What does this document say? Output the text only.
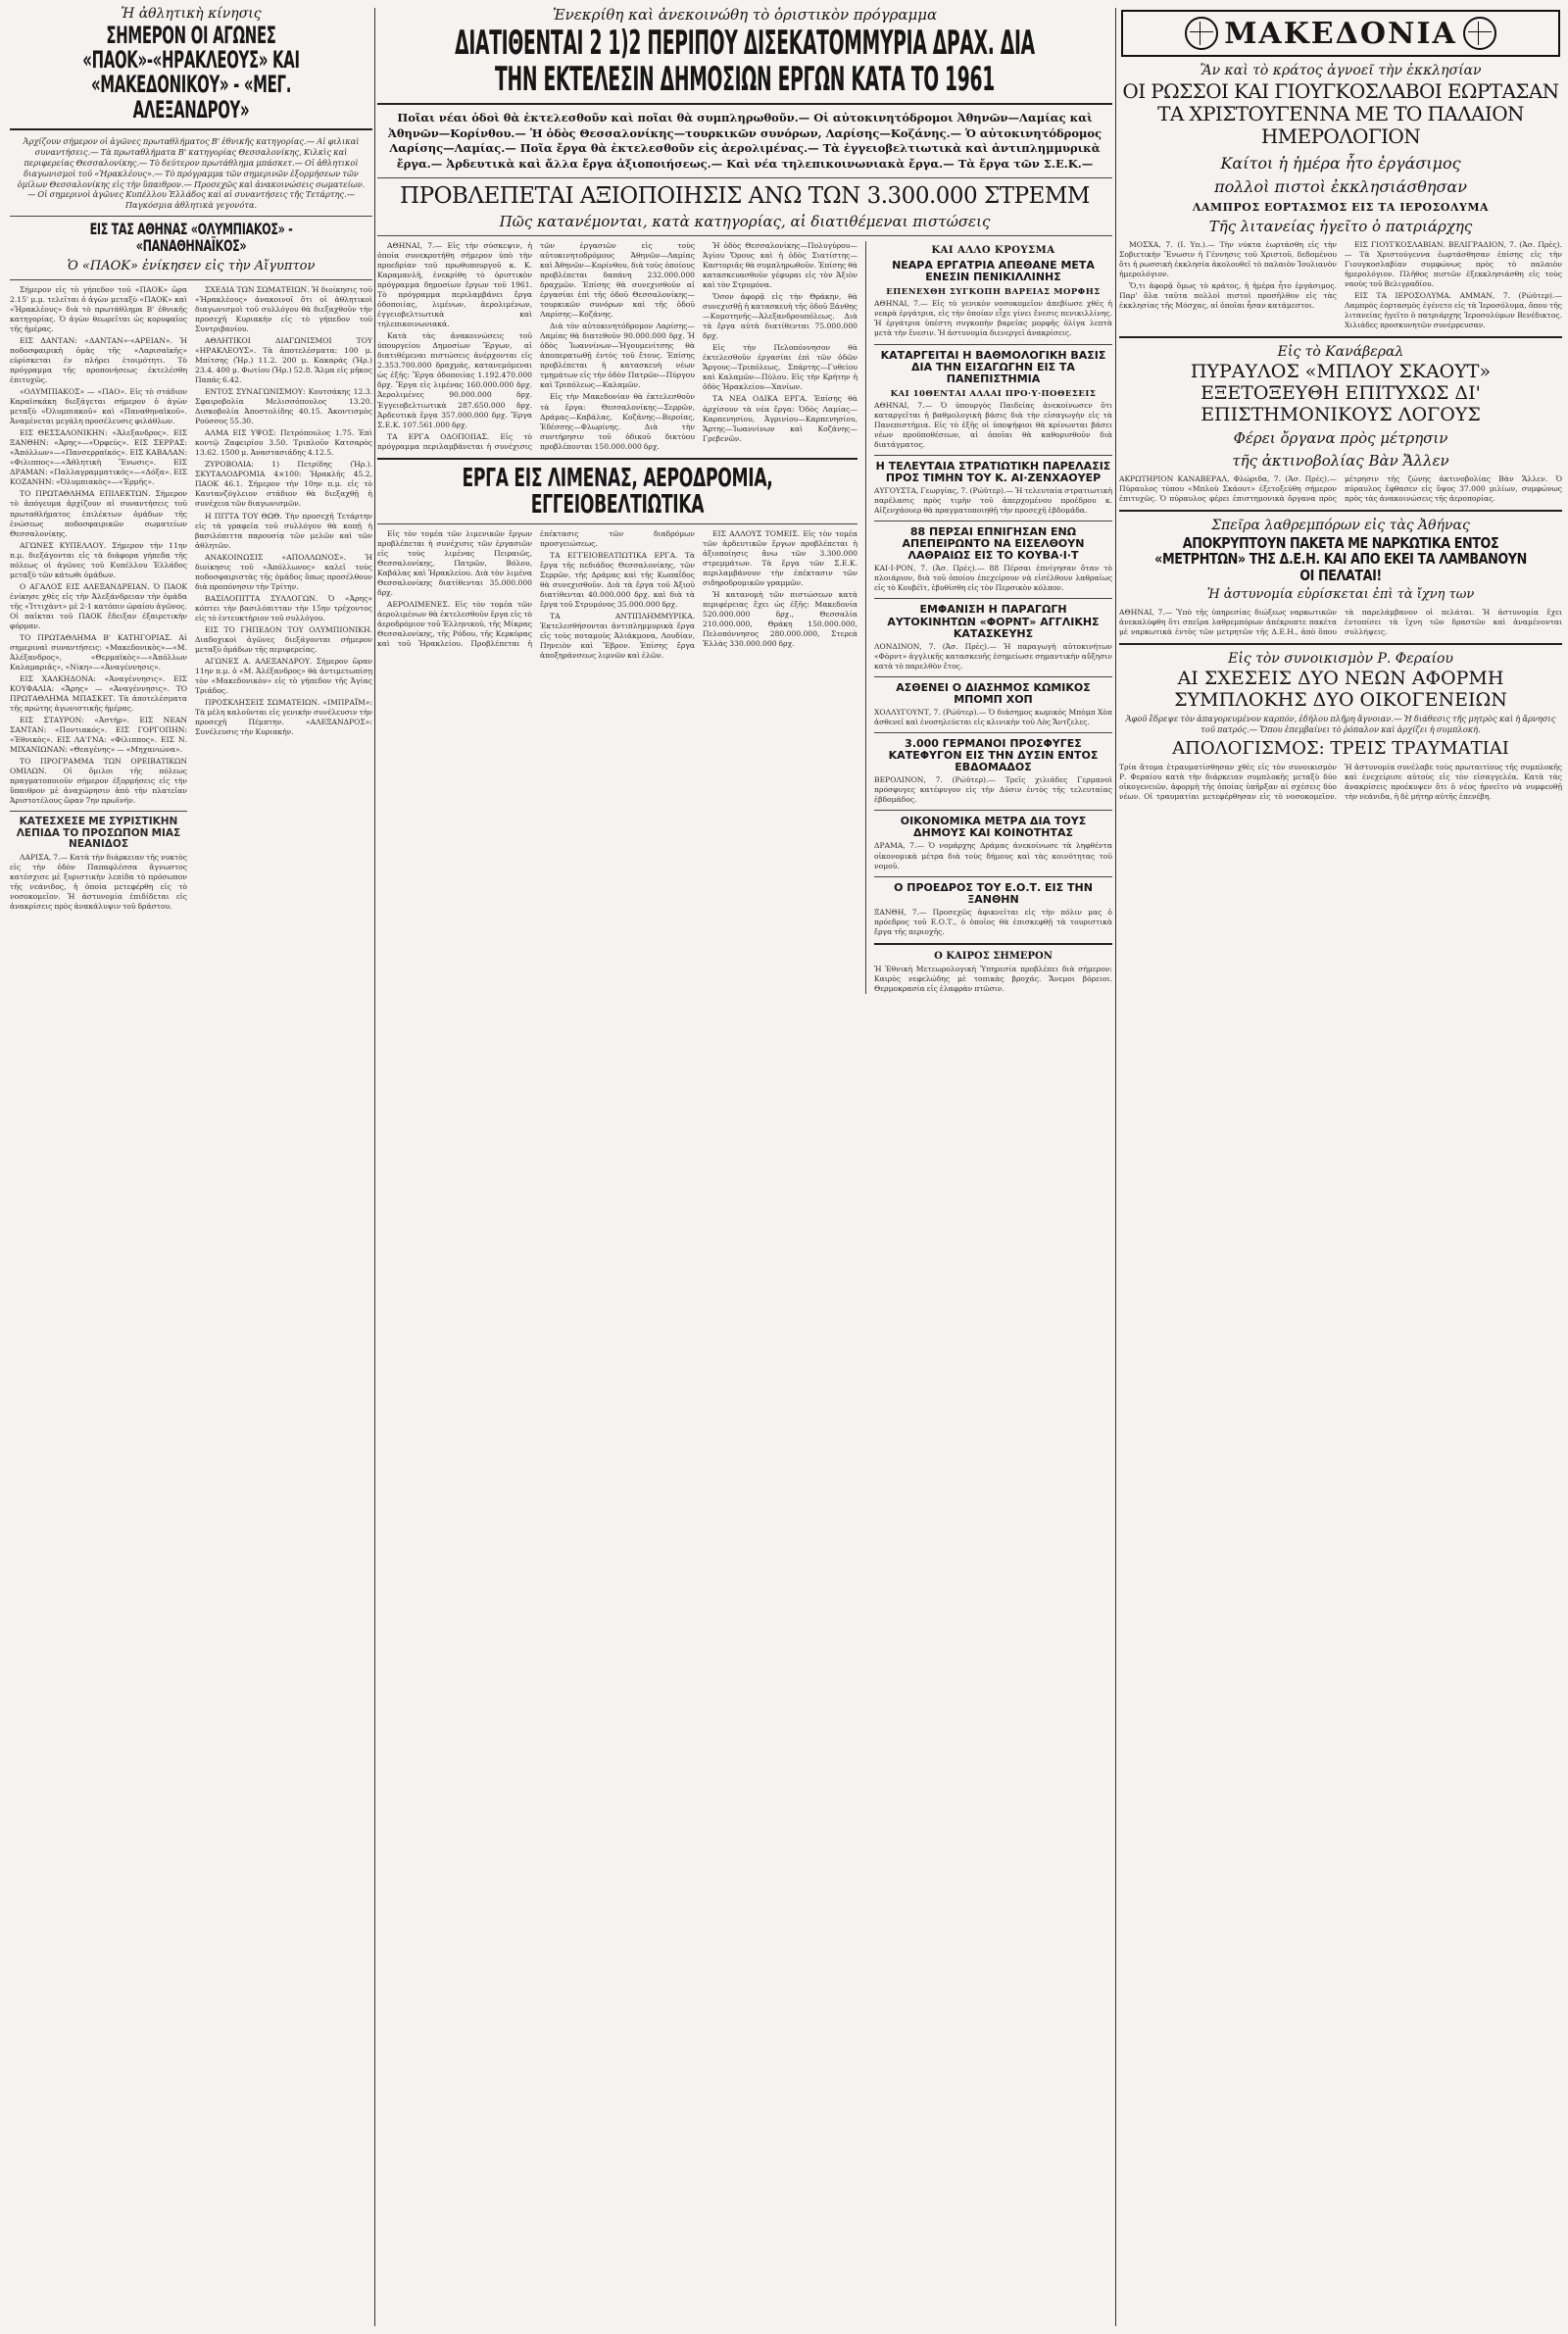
Ἡ ἀθλητικὴ κίνησις
ΣΗΜΕΡΟΝ ΟΙ ΑΓΩΝΕΣ «ΠΑΟΚ»-«ΗΡΑΚΛΕΟΥΣ» ΚΑΙ «ΜΑΚΕΔΟΝΙΚΟΥ» - «ΜΕΓ. ΑΛΕΞΑΝΔΡΟΥ»
Ἀρχίζουν σήμερον οἱ ἀγῶνες πρωταθλήματος Β' ἐθνικῆς κατηγορίας.— Αἱ φιλικαὶ συναντήσεις.— Τὰ πρωταθλήματα Β' κατηγορίας Θεσσαλονίκης, Κιλκὶς καὶ περιφερείας Θεσσαλονίκης.— Τὸ δεύτερον πρωτάθλημα μπάσκετ.— Οἱ ἀθλητικοὶ διαγωνισμοὶ τοῦ «Ἡρακλέους».— Τὸ πρόγραμμα τῶν σημερινῶν ἐξορμήσεων τῶν ὁμίλων Θεσσαλονίκης εἰς τὴν ὕπαιθρον.— Προσεχῶς καὶ ἀνακοινώσεις σωματείων.— Οἱ σημερινοὶ ἀγῶνες Κυπέλλου Ἑλλάδος καὶ αἱ συναντήσεις τῆς Τετάρτης.— Παγκόσμια ἀθλητικὰ γεγονότα.
ΕΙΣ ΤΑΣ ΑΘΗΝΑΣ «ΟΛΥΜΠΙΑΚΟΣ» - «ΠΑΝΑΘΗΝΑΪΚΟΣ»
Ὁ «ΠΑΟΚ» ἐνίκησεν εἰς τὴν Αἴγυπτον

Σήμερον εἰς τὸ γήπεδον τοῦ «ΠΑΟΚ» ὥρα 2.15' μ.μ. τελεῖται ὁ ἀγὼν μεταξὺ «ΠΑΟΚ» καὶ «Ἡρακλέους» διὰ τὸ πρωτάθλημα Β' ἐθνικῆς κατηγορίας. Ὁ ἀγὼν θεωρεῖται ὡς κορυφαῖος τῆς ἡμέρας.

ΕΙΣ ΔΑΝΤΑΝ: «ΔΑΝΤΑΝ»-«ΑΡΕΙΑΝ». Ἡ ποδοσφαιρικὴ ὁμὰς τῆς «Λαρισαϊκῆς» εὑρίσκεται ἐν πλήρει ἑτοιμότητι. Τὸ πρόγραμμα τῆς προπονήσεως ἐκτελέσθη ἐπιτυχῶς.

«ΟΛΥΜΠΙΑΚΟΣ» — «ΠΑΟ». Εἰς τὸ στάδιον Καραϊσκάκη διεξάγεται σήμερον ὁ ἀγὼν μεταξὺ «Ὀλυμπιακοῦ» καὶ «Παναθηναϊκοῦ». Ἀναμένεται μεγάλη προσέλευσις φιλάθλων.

ΕΙΣ ΘΕΣΣΑΛΟΝΙΚΗΝ: «Ἀλεξανδρος». ΕΙΣ ΞΑΝΘΗΝ: «Ἀρης»—«Ὀρφεύς». ΕΙΣ ΣΕΡΡΑΣ: «Ἀπόλλων»—«Πανσερραϊκός». ΕΙΣ ΚΑΒΑΛΑΝ: «Φιλιππος»—«Ἀθλητικὴ Ἕνωσις». ΕΙΣ ΔΡΑΜΑΝ: «Παλλαγραμματικός»—«Δόξα». ΕΙΣ ΚΟΖΑΝΗΝ: «Ὀλυμπιακὸς»—«Ἑρμῆς».

ΤΟ ΠΡΩΤΑΘΛΗΜΑ ΕΠΙΛΕΚΤΩΝ. Σήμερον τὸ ἀπόγευμα ἀρχίζουν αἱ συναντήσεις τοῦ πρωταθλήματος ἐπιλέκτων ὁμάδων τῆς ἑνώσεως ποδοσφαιρικῶν σωματείων Θεσσαλονίκης.

ΑΓΩΝΕΣ ΚΥΠΕΛΛΟΥ. Σήμερον τὴν 11ην π.μ. διεξάγονται εἰς τὰ διάφορα γήπεδα τῆς πόλεως οἱ ἀγῶνες τοῦ Κυπέλλου Ἑλλάδος μεταξὺ τῶν κάτωθι ὁμάδων.

Ο ΑΓΑΛΟΣ ΕΙΣ ΑΛΕΞΑΝΔΡΕΙΑΝ. Ὁ ΠΑΟΚ ἐνίκησε χθὲς εἰς τὴν Ἀλεξάνδρειαν τὴν ὁμάδα τῆς «Ἰττιχὰντ» μὲ 2-1 κατόπιν ὡραίου ἀγῶνος. Οἱ παῖκται τοῦ ΠΑΟΚ ἔδειξαν ἐξαιρετικὴν φόρμαν.

ΤΟ ΠΡΩΤΑΘΛΗΜΑ Β' ΚΑΤΗΓΟΡΙΑΣ. Αἱ σημεριναὶ συναντήσεις: «Μακεδονικὸς»—«Μ. Ἀλέξανδρος», «Θερμαϊκὸς»—«Ἀπόλλων Καλαμαριᾶς», «Νίκη»—«Ἀναγέννησις».

ΕΙΣ ΧΑΛΚΗΔΟΝΑ: «Ἀναγέννησις». ΕΙΣ ΚΟΥΦΑΛΙΑ: «Ἄρης» — «Ἀναγέννησις». ΤΟ ΠΡΩΤΑΘΛΗΜΑ ΜΠΑΣΚΕΤ. Τὰ ἀποτελέσματα τῆς πρώτης ἀγωνιστικῆς ἡμέρας.

ΕΙΣ ΣΤΑΥΡΟΝ: «Ἀστήρ». ΕΙΣ ΝΕΑΝ ΣΑΝΤΑΝ: «Ποντιακός». ΕΙΣ ΓΟΡΓΟΠΗΝ: «Ἐθνικὸς». ΕΙΣ ΛΑ'Ι'ΝΑ: «Φίλιππος». ΕΙΣ Ν. ΜΙΧΑΝΙΩΝΑΝ: «Θεαγένης» — «Μηχανιώνα».

ΤΟ ΠΡΟΓΡΑΜΜΑ ΤΩΝ ΟΡΕΙΒΑΤΙΚΩΝ ΟΜΙΛΩΝ. Οἱ ὅμιλοι τῆς πόλεως πραγματοποιοῦν σήμερον ἐξορμήσεις εἰς τὴν ὕπαιθρον μὲ ἀναχώρησιν ἀπὸ τὴν πλατεῖαν Ἀριστοτέλους ὥραν 7ην πρωϊνήν.

ΚΑΤΕΣΧΕΣΕ ΜΕ ΣΥΡΙΣΤΙΚΗΝ ΛΕΠΙΔΑ ΤΟ ΠΡΟΣΩΠΟΝ ΜΙΑΣ ΝΕΑΝΙΔΟΣ

ΛΑΡΙΣΑ, 7.— Κατὰ τὴν διάρκειαν τῆς νυκτὸς εἰς τὴν ὁδὸν Παπαφλέσσα ἄγνωστος κατέσχισε μὲ ξυριστικὴν λεπίδα τὸ πρόσωπον τῆς νεάνιδος, ἡ ὁποία μετεφέρθη εἰς τὸ νοσοκομεῖον. Ἡ ἀστυνομία ἐπιδίδεται εἰς ἀνακρίσεις πρὸς ἀνακάλυψιν τοῦ δράστου.

ΣΧΕΔΙΑ ΤΩΝ ΣΩΜΑΤΕΙΩΝ. Ἡ διοίκησις τοῦ «Ἡρακλέους» ἀνακοινοῖ ὅτι οἱ ἀθλητικοὶ διαγωνισμοὶ τοῦ συλλόγου θὰ διεξαχθοῦν τὴν προσεχῆ Κυριακὴν εἰς τὸ γήπεδον τοῦ Συντριβανίου.

ΑΘΛΗΤΙΚΟΙ ΔΙΑΓΩΝΙΣΜΟΙ ΤΟΥ «ΗΡΑΚΛΕΟΥΣ». Τὰ ἀποτελέσματα: 100 μ. Μπίτσης (Ἡρ.) 11.2. 200 μ. Κακαράς (Ἡρ.) 23.4. 400 μ. Φωτίου (Ἡρ.) 52.8. Ἅλμα εἰς μῆκος Παπάς 6.42.

ΕΝΤΟΣ ΣΥΝΑΓΩΝΙΣΜΟΥ: Κουτσάκης 12.3. Σφαιροβολία Μελισσόπουλος 13.20. Δισκοβολία Ἀποστολίδης 40.15. Ἀκοντισμὸς Ρούσσος 55.30.

ΑΛΜΑ ΕΙΣ ΥΨΟΣ: Πετρόπουλος 1.75. Ἐπὶ κοντῷ Ζαφειρίου 3.50. Τριπλοῦν Κατσαρὸς 13.62. 1500 μ. Ἀναστασιάδης 4.12.5.

ΖΥΡΟΒΟΛΙΑ: 1) Πετρίδης (Ἡρ.). ΣΚΥΤΑΛΟΔΡΟΜΙΑ 4×100: Ἡρακλῆς 45.2, ΠΑΟΚ 46.1. Σήμερον τὴν 10ην π.μ. εἰς τὸ Καυτανζόγλειον στάδιον θὰ διεξαχθῇ ἡ συνέχεια τῶν διαγωνισμῶν.

Η ΠΙΤΤΑ ΤΟΥ ΘΩΘ. Τὴν προσεχῆ Τετάρτην εἰς τὰ γραφεῖα τοῦ συλλόγου θὰ κοπῇ ἡ βασιλόπιττα παρουσίᾳ τῶν μελῶν καὶ τῶν ἀθλητῶν.

ΑΝΑΚΟΙΝΩΣΙΣ «ΑΠΟΛΛΩΝΟΣ». Ἡ διοίκησις τοῦ «Ἀπόλλωνος» καλεῖ τοὺς ποδοσφαιριστὰς τῆς ὁμάδος ὅπως προσέλθουν διὰ προπόνησιν τὴν Τρίτην.

ΒΑΣΙΛΟΠΙΤΤΑ ΣΥΛΛΟΓΩΝ. Ὁ «Ἀρης» κόπτει τὴν βασιλόπιτταν τὴν 15ην τρέχοντος εἰς τὸ ἐντευκτήριον τοῦ συλλόγου.

ΕΙΣ ΤΟ ΓΗΠΕΔΟΝ ΤΟΥ ΟΛΥΜΠΙΟΝΙΚΗ. Διαδοχικοὶ ἀγῶνες διεξάγονται σήμερον μεταξὺ ὁμάδων τῆς περιφερείας.

ΑΓΩΝΕΣ Α. ΑΛΕΞΑΝΔΡΟΥ. Σήμερον ὥραν 11ην π.μ. ὁ «Μ. Ἀλέξανδρος» θὰ ἀντιμετωπίσῃ τὸν «Μακεδονικὸν» εἰς τὸ γήπεδον τῆς Ἀγίας Τριάδος.

ΠΡΟΣΚΛΗΣΕΙΣ ΣΩΜΑΤΕΙΩΝ. «ΙΜΠΡΑΪΜ»: Τὰ μέλη καλοῦνται εἰς γενικὴν συνέλευσιν τὴν προσεχῆ Πέμπτην. «ΑΛΕΞΑΝΔΡΟΣ»: Συνέλευσις τὴν Κυριακήν.

Ἐνεκρίθη καὶ ἀνεκοινώθη τὸ ὁριστικὸν πρόγραμμα
ΔΙΑΤΙΘΕΝΤΑΙ 2 1)2 ΠΕΡΙΠΟΥ ΔΙΣΕΚΑΤΟΜΜΥΡΙΑ ΔΡΑΧ. ΔΙΑ ΤΗΝ ΕΚΤΕΛΕΣΙΝ ΔΗΜΟΣΙΩΝ ΕΡΓΩΝ ΚΑΤΑ ΤΟ 1961
Ποῖαι νέαι ὁδοὶ θὰ ἐκτελεσθοῦν καὶ ποῖαι θὰ συμπληρωθοῦν.— Οἱ αὐτοκινητόδρομοι Ἀθηνῶν—Λαμίας καὶ Ἀθηνῶν—Κορίνθου.— Ἡ ὁδὸς Θεσσαλονίκης—τουρκικῶν συνόρων, Λαρίσης—Κοζάνης.— Ὁ αὐτοκινητόδρομος Λαρίσης—Λαμίας.— Ποῖα ἔργα θὰ ἐκτελεσθοῦν εἰς ἀερολιμένας.— Τὰ ἐγγειοβελτιωτικὰ καὶ ἀντιπλημμυρικὰ ἔργα.— Ἀρδευτικὰ καὶ ἄλλα ἔργα ἀξιοποιήσεως.— Καὶ νέα τηλεπικοινωνιακὰ ἔργα.— Τὰ ἔργα τῶν Σ.Ε.Κ.—
ΠΡΟΒΛΕΠΕΤΑΙ ΑΞΙΟΠΟΙΗΣΙΣ ΑΝΩ ΤΩΝ 3.300.000 ΣΤΡΕΜΜ
Πῶς κατανέμονται, κατὰ κατηγορίας, αἱ διατιθέμεναι πιστώσεις

ΑΘΗΝΑΙ, 7.— Εἰς τὴν σύσκεψιν, ἡ ὁποία συνεκροτήθη σήμερον ὑπὸ τὴν προεδρίαν τοῦ πρωθυπουργοῦ κ. Κ. Καραμανλῆ, ἐνεκρίθη τὸ ὁριστικὸν πρόγραμμα δημοσίων ἔργων τοῦ 1961. Τὸ πρόγραμμα περιλαμβάνει ἔργα ὁδοποιίας, λιμένων, ἀερολιμένων, ἐγγειοβελτιωτικὰ καὶ τηλεπικοινωνιακά.

Κατὰ τὰς ἀνακοινώσεις τοῦ ὑπουργείου Δημοσίων Ἔργων, αἱ διατιθέμεναι πιστώσεις ἀνέρχονται εἰς 2.353.700.000 δραχμάς, κατανεμόμεναι ὡς ἑξῆς: Ἔργα ὁδοποιίας 1.192.470.000 δρχ. Ἔργα εἰς λιμένας 160.000.000 δρχ. Ἀερολιμένες 90.000.000 δρχ. Ἐγγειοβελτιωτικὰ 287.650.000 δρχ. Ἀρδευτικὰ ἔργα 357.000.000 δρχ. Ἔργα Σ.Ε.Κ. 107.561.000 δρχ.

ΤΑ ΕΡΓΑ ΟΔΟΠΟΙΙΑΣ. Εἰς τὸ πρόγραμμα περιλαμβάνεται ἡ συνέχισις τῶν ἐργασιῶν εἰς τοὺς αὐτοκινητοδρόμους Ἀθηνῶν—Λαμίας καὶ Ἀθηνῶν—Κορίνθου, διὰ τοὺς ὁποίους προβλέπεται δαπάνη 232.000.000 δραχμῶν. Ἐπίσης θὰ συνεχισθοῦν αἱ ἐργασίαι ἐπὶ τῆς ὁδοῦ Θεσσαλονίκης—τουρκικῶν συνόρων καὶ τῆς ὁδοῦ Λαρίσης—Κοζάνης.

Διὰ τὸν αὐτοκινητόδρομον Λαρίσης—Λαμίας θὰ διατεθοῦν 90.000.000 δρχ. Ἡ ὁδὸς Ἰωαννίνων—Ἠγουμενίτσης θὰ ἀποπερατωθῇ ἐντὸς τοῦ ἔτους. Ἐπίσης προβλέπεται ἡ κατασκευὴ νέων τμημάτων εἰς τὴν ὁδὸν Πατρῶν—Πύργου καὶ Τριπόλεως—Καλαμῶν.

Εἰς τὴν Μακεδονίαν θὰ ἐκτελεσθοῦν τὰ ἔργα: Θεσσαλονίκης—Σερρῶν, Δράμας—Καβάλας, Κοζάνης—Βεροίας, Ἐδέσσης—Φλωρίνης. Διὰ τὴν συντήρησιν τοῦ ὁδικοῦ δικτύου προβλέπονται 150.000.000 δρχ.

Ἡ ὁδὸς Θεσσαλονίκης—Πολυγύρου—Ἁγίου Ὄρους καὶ ἡ ὁδὸς Σιατίστης—Καστοριᾶς θὰ συμπληρωθοῦν. Ἐπίσης θὰ κατασκευασθοῦν γέφυραι εἰς τὸν Ἀξιὸν καὶ τὸν Στρυμόνα.

Ὅσον ἀφορᾷ εἰς τὴν Θράκην, θὰ συνεχισθῇ ἡ κατασκευὴ τῆς ὁδοῦ Ξάνθης—Κομοτηνῆς—Ἀλεξανδρουπόλεως. Διὰ τὰ ἔργα αὐτὰ διατίθενται 75.000.000 δρχ.

Εἰς τὴν Πελοπόννησον θὰ ἐκτελεσθοῦν ἐργασίαι ἐπὶ τῶν ὁδῶν Ἄργους—Τριπόλεως, Σπάρτης—Γυθείου καὶ Καλαμῶν—Πύλου. Εἰς τὴν Κρήτην ἡ ὁδὸς Ἡρακλείου—Χανίων.

ΤΑ ΝΕΑ ΟΔΙΚΑ ΕΡΓΑ. Ἐπίσης θὰ ἀρχίσουν τὰ νέα ἔργα: Ὁδὸς Λαμίας—Καρπενησίου, Ἀγρινίου—Καρπενησίου, Ἄρτης—Ἰωαννίνων καὶ Κοζάνης—Γρεβενῶν.

ΕΡΓΑ ΕΙΣ ΛΙΜΕΝΑΣ, ΑΕΡΟΔΡΟΜΙΑ, ΕΓΓΕΙΟΒΕΛΤΙΩΤΙΚΑ

Εἰς τὸν τομέα τῶν λιμενικῶν ἔργων προβλέπεται ἡ συνέχισις τῶν ἐργασιῶν εἰς τοὺς λιμένας Πειραιῶς, Θεσσαλονίκης, Πατρῶν, Βόλου, Καβάλας καὶ Ἡρακλείου. Διὰ τὸν λιμένα Θεσσαλονίκης διατίθενται 35.000.000 δρχ.

ΑΕΡΟΛΙΜΕΝΕΣ. Εἰς τὸν τομέα τῶν ἀερολιμένων θὰ ἐκτελεσθοῦν ἔργα εἰς τὸ ἀεροδρόμιον τοῦ Ἑλληνικοῦ, τῆς Μίκρας Θεσσαλονίκης, τῆς Ρόδου, τῆς Κερκύρας καὶ τοῦ Ἡρακλείου. Προβλέπεται ἡ ἐπέκτασις τῶν διαδρόμων προσγειώσεως.

ΤΑ ΕΓΓΕΙΟΒΕΛΤΙΩΤΙΚΑ ΕΡΓΑ. Τὰ ἔργα τῆς πεδιάδος Θεσσαλονίκης, τῶν Σερρῶν, τῆς Δράμας καὶ τῆς Κωπαΐδος θὰ συνεχισθοῦν. Διὰ τὰ ἔργα τοῦ Ἀξιοῦ διατίθενται 40.000.000 δρχ. καὶ διὰ τὰ ἔργα τοῦ Στρυμόνος 35.000.000 δρχ.

ΤΑ ΑΝΤΙΠΛΗΜΜΥΡΙΚΑ. Ἐκτελεσθήσονται ἀντιπλημμυρικὰ ἔργα εἰς τοὺς ποταμοὺς Ἀλιάκμονα, Λουδίαν, Πηνειὸν καὶ Ἕβρον. Ἐπίσης ἔργα ἀποξηράνσεως λιμνῶν καὶ ἑλῶν.

ΕΙΣ ΑΛΛΟΥΣ ΤΟΜΕΙΣ. Εἰς τὸν τομέα τῶν ἀρδευτικῶν ἔργων προβλέπεται ἡ ἀξιοποίησις ἄνω τῶν 3.300.000 στρεμμάτων. Τὰ ἔργα τῶν Σ.Ε.Κ. περιλαμβάνουν τὴν ἐπέκτασιν τῶν σιδηροδρομικῶν γραμμῶν.

Ἡ κατανομὴ τῶν πιστώσεων κατὰ περιφέρειας ἔχει ὡς ἑξῆς: Μακεδονία 520.000.000 δρχ., Θεσσαλία 210.000.000, Θράκη 150.000.000, Πελοπόννησος 280.000.000, Στερεὰ Ἑλλὰς 330.000.000 δρχ.

ΚΑΙ ΑΛΛΟ ΚΡΟΥΣΜΑ
ΝΕΑΡΑ ΕΡΓΑΤΡΙΑ ΑΠΕΘΑΝΕ ΜΕΤΑ ΕΝΕΣΙΝ ΠΕΝΙΚΙΛΛΙΝΗΣ
ΕΠΕΝΕΧΘΗ ΣΥΓΚΟΠΗ ΒΑΡΕΙΑΣ ΜΟΡΦΗΣ
ΑΘΗΝΑΙ, 7.— Εἰς τὸ γενικὸν νοσοκομεῖον ἀπεβίωσε χθὲς ἡ νεαρὰ ἐργάτρια, εἰς τὴν ὁποίαν εἶχε γίνει ἔνεσις πενικιλλίνης. Ἡ ἐργάτρια ὑπέστη συγκοπὴν βαρείας μορφῆς ὀλίγα λεπτὰ μετὰ τὴν ἔνεσιν. Ἡ ἀστυνομία διενεργεῖ ἀνακρίσεις.
ΚΑΤΑΡΓΕΙΤΑΙ Η ΒΑΘΜΟΛΟΓΙΚΗ ΒΑΣΙΣ ΔΙΑ ΤΗΝ ΕΙΣΑΓΩΓΗΝ ΕΙΣ ΤΑ ΠΑΝΕΠΙΣΤΗΜΙΑ
ΚΑΙ 10ΘΕΝΤΑΙ ΑΛΛΑΙ ΠΡΟ·Υ·ΠΟΘΕΣΕΙΣ
ΑΘΗΝΑΙ, 7.— Ὁ ὑπουργὸς Παιδείας ἀνεκοίνωσεν ὅτι καταργεῖται ἡ βαθμολογικὴ βάσις διὰ τὴν εἰσαγωγὴν εἰς τὰ Πανεπιστήμια. Εἰς τὸ ἑξῆς οἱ ὑποψήφιοι θὰ κρίνωνται βάσει νέων προϋποθέσεων, αἱ ὁποῖαι θὰ καθορισθοῦν διὰ διατάγματος.
Η ΤΕΛΕΥΤΑΙΑ ΣΤΡΑΤΙΩΤΙΚΗ ΠΑΡΕΛΑΣΙΣ ΠΡΟΣ ΤΙΜΗΝ ΤΟΥ Κ. ΑΙ·ΖΕΝΧΑΟΥΕΡ
ΑΥΓΟΥΣΤΑ, Γεωργίας, 7. (Ρώϋτερ).— Ἡ τελευταία στρατιωτικὴ παρέλασις πρὸς τιμὴν τοῦ ἀπερχομένου προέδρου κ. Αἰζενχάουερ θὰ πραγματοποιηθῇ τὴν προσεχῆ ἑβδομάδα.
88 ΠΕΡΣΑΙ ΕΠΝΙΓΗΣΑΝ ΕΝΩ ΑΠΕΠΕΙΡΩΝΤΟ ΝΑ ΕΙΣΕΛΘΟΥΝ ΛΑΘΡΑΙΩΣ ΕΙΣ ΤΟ ΚΟΥΒΑ·Ι·Τ
ΚΑΙ·Ι·ΡΟΝ, 7. (Ἀσ. Πρὲς).— 88 Πέρσαι ἐπνίγησαν ὅταν τὸ πλοιάριον, διὰ τοῦ ὁποίου ἐπεχείρουν νὰ εἰσέλθουν λαθραίως εἰς τὸ Κουβέϊτ, ἐβυθίσθη εἰς τὸν Περσικὸν κόλπον.
ΕΜΦΑΝΙΣΗ Η ΠΑΡΑΓΩΓΗ ΑΥΤΟΚΙΝΗΤΩΝ «ΦΟΡΝΤ» ΑΓΓΛΙΚΗΣ ΚΑΤΑΣΚΕΥΗΣ
ΛΟΝΔΙΝΟΝ, 7. (Ἀσ. Πρὲς).— Ἡ παραγωγὴ αὐτοκινήτων «Φὸρντ» ἀγγλικῆς κατασκευῆς ἐσημείωσε σημαντικὴν αὔξησιν κατὰ τὸ παρελθὸν ἔτος.
ΑΣΘΕΝΕΙ Ο ΔΙΑΣΗΜΟΣ ΚΩΜΙΚΟΣ ΜΠΟΜΠ ΧΟΠ
ΧΟΛΛΥΓΟΥΝΤ, 7. (Ρώϋτερ).— Ὁ διάσημος κωμικὸς Μπὸμπ Χὸπ ἀσθενεῖ καὶ ἐνοσηλεύεται εἰς κλινικὴν τοῦ Λὸς Ἄντζελες.
3.000 ΓΕΡΜΑΝΟΙ ΠΡΟΣΦΥΓΕΣ ΚΑΤΕΦΥΓΟΝ ΕΙΣ ΤΗΝ ΔΥΣΙΝ ΕΝΤΟΣ ΕΒΔΟΜΑΔΟΣ
ΒΕΡΟΛΙΝΟΝ, 7. (Ρώϋτερ).— Τρεῖς χιλιάδες Γερμανοὶ πρόσφυγες κατέφυγον εἰς τὴν Δύσιν ἐντὸς τῆς τελευταίας ἑβδομάδος.
ΟΙΚΟΝΟΜΙΚΑ ΜΕΤΡΑ ΔΙΑ ΤΟΥΣ ΔΗΜΟΥΣ ΚΑΙ ΚΟΙΝΟΤΗΤΑΣ
ΔΡΑΜΑ, 7.— Ὁ νομάρχης Δράμας ἀνεκοίνωσε τὰ ληφθέντα οἰκονομικὰ μέτρα διὰ τοὺς δήμους καὶ τὰς κοινότητας τοῦ νομοῦ.
Ο ΠΡΟΕΔΡΟΣ ΤΟΥ Ε.Ο.Τ. ΕΙΣ ΤΗΝ ΞΑΝΘΗΝ
ΞΑΝΘΗ, 7.— Προσεχῶς ἀφικνεῖται εἰς τὴν πόλιν μας ὁ πρόεδρος τοῦ Ε.Ο.Τ., ὁ ὁποῖος θὰ ἐπισκεφθῇ τὰ τουριστικὰ ἔργα τῆς περιοχῆς.
Ο ΚΑΙΡΟΣ ΣΗΜΕΡΟΝ
Ἡ Ἐθνικὴ Μετεωρολογικὴ Ὑπηρεσία προβλέπει διὰ σήμερον: Καιρὸς νεφελώδης μὲ τοπικὰς βροχάς. Ἄνεμοι βόρειοι. Θερμοκρασία εἰς ἐλαφρὰν πτῶσιν.
ΜΑΚΕΔΟΝΙΑ
Ἂν καὶ τὸ κράτος ἀγνοεῖ τὴν ἐκκλησίαν
ΟΙ ΡΩΣΣΟΙ ΚΑΙ ΓΙΟΥΓΚΟΣΛΑΒΟΙ ΕΩΡΤΑΣΑΝ ΤΑ ΧΡΙΣΤΟΥΓΕΝΝΑ ΜΕ ΤΟ ΠΑΛΑΙΟΝ ΗΜΕΡΟΛΟΓΙΟΝ
Καίτοι ἡ ἡμέρα ἦτο ἐργάσιμος
πολλοὶ πιστοὶ ἐκκλησιάσθησαν
ΛΑΜΠΡΟΣ ΕΟΡΤΑΣΜΟΣ ΕΙΣ ΤΑ ΙΕΡΟΣΟΛΥΜΑ
Τῆς λιτανείας ἡγεῖτο ὁ πατριάρχης

ΜΟΣΧΑ, 7. (Ι. Υπ.).— Τὴν νύκτα ἑωρτάσθη εἰς τὴν Σοβιετικὴν Ἕνωσιν ἡ Γέννησις τοῦ Χριστοῦ, δεδομένου ὅτι ἡ ρωσσικὴ ἐκκλησία ἀκολουθεῖ τὸ παλαιὸν Ἰουλιανὸν ἡμερολόγιον.

Ὅ,τι ἀφορᾷ ὅμως τὸ κράτος, ἡ ἡμέρα ἦτο ἐργάσιμος. Παρ' ὅλα ταῦτα πολλοὶ πιστοὶ προσῆλθον εἰς τὰς ἐκκλησίας τῆς Μόσχας, αἱ ὁποῖαι ἦσαν κατάμεστοι.

ΕΙΣ ΓΙΟΥΓΚΟΣΛΑΒΙΑΝ. ΒΕΛΙΓΡΑΔΙΟΝ, 7. (Ἀσ. Πρὲς).— Τὰ Χριστούγεννα ἑωρτάσθησαν ἐπίσης εἰς τὴν Γιουγκοσλαβίαν συμφώνως πρὸς τὸ παλαιὸν ἡμερολόγιον. Πλῆθος πιστῶν ἐξεκκλησιάσθη εἰς τοὺς ναοὺς τοῦ Βελιγραδίου.

ΕΙΣ ΤΑ ΙΕΡΟΣΟΛΥΜΑ. ΑΜΜΑΝ, 7. (Ρώϋτερ).— Λαμπρὸς ἑορτασμὸς ἐγένετο εἰς τὰ Ἱεροσόλυμα, ὅπου τῆς λιτανείας ἡγεῖτο ὁ πατριάρχης Ἱεροσολύμων Βενέδικτος. Χιλιάδες προσκυνητῶν συνέρρευσαν.

Εἰς τὸ Κανάβεραλ
ΠΥΡΑΥΛΟΣ «ΜΠΛΟΥ ΣΚΑΟΥΤ» ΕΞΕΤΟΞΕΥΘΗ ΕΠΙΤΥΧΩΣ ΔΙ' ΕΠΙΣΤΗΜΟΝΙΚΟΥΣ ΛΟΓΟΥΣ
Φέρει ὄργανα πρὸς μέτρησιν
τῆς ἀκτινοβολίας Βὰν Ἄλλεν
ΑΚΡΩΤΗΡΙΟΝ ΚΑΝΑΒΕΡΑΛ, Φλώριδα, 7. (Ἀσ. Πρὲς).— Πύραυλος τύπου «Μπλοὺ Σκάουτ» ἐξετοξεύθη σήμερον ἐπιτυχῶς. Ὁ πύραυλος φέρει ἐπιστημονικὰ ὄργανα πρὸς μέτρησιν τῆς ζώνης ἀκτινοβολίας Βὰν Ἄλλεν. Ὁ πύραυλος ἔφθασεν εἰς ὕψος 37.000 μιλίων, συμφώνως πρὸς τὰς ἀνακοινώσεις τῆς ἀεροπορίας.
Σπεῖρα λαθρεμπόρων εἰς τὰς Ἀθήνας
ΑΠΟΚΡΥΠΤΟΥΝ ΠΑΚΕΤΑ ΜΕ ΝΑΡΚΩΤΙΚΑ ΕΝΤΟΣ «ΜΕΤΡΗΤΩΝ» ΤΗΣ Δ.Ε.Η. ΚΑΙ ΑΠΟ ΕΚΕΙ ΤΑ ΛΑΜΒΑΝΟΥΝ ΟΙ ΠΕΛΑΤΑΙ!
Ἡ ἀστυνομία εὑρίσκεται ἐπὶ τὰ ἴχνη των
ΑΘΗΝΑΙ, 7.— Ὑπὸ τῆς ὑπηρεσίας διώξεως ναρκωτικῶν ἀνεκαλύφθη ὅτι σπεῖρα λαθρεμπόρων ἀπέκρυπτε πακέτα μὲ ναρκωτικὰ ἐντὸς τῶν μετρητῶν τῆς Δ.Ε.Η., ἀπὸ ὅπου τὰ παρελάμβανον οἱ πελάται. Ἡ ἀστυνομία ἔχει ἐντοπίσει τὰ ἴχνη τῶν δραστῶν καὶ ἀναμένονται συλλήψεις.
Εἰς τὸν συνοικισμὸν Ρ. Φεραίου
ΑΙ ΣΧΕΣΕΙΣ ΔΥΟ ΝΕΩΝ ΑΦΟΡΜΗ ΣΥΜΠΛΟΚΗΣ ΔΥΟ ΟΙΚΟΓΕΝΕΙΩΝ
Ἀφοῦ ἔδρεψε τὸν ἀπαγορευμένον καρπόν, ἐδήλου πλῆρη ἄγνοιαν.— Ἡ διάθεσις τῆς μητρὸς καὶ ἡ ἄρνησις τοῦ πατρός.— Ὅπου ἐπεμβαίνει τὸ ῥόπαλον καὶ ἀρχίζει ἡ συμπλοκή.
ΑΠΟΛΟΓΙΣΜΟΣ: ΤΡΕΙΣ ΤΡΑΥΜΑΤΙΑΙ
Τρία ἄτομα ἐτραυματίσθησαν χθὲς εἰς τὸν συνοικισμὸν Ρ. Φεραίου κατὰ τὴν διάρκειαν συμπλοκῆς μεταξὺ δύο οἰκογενειῶν, ἀφορμὴ τῆς ὁποίας ὑπῆρξαν αἱ σχέσεις δύο νέων. Οἱ τραυματίαι μετεφέρθησαν εἰς τὸ νοσοκομεῖον. Ἡ ἀστυνομία συνέλαβε τοὺς πρωταιτίους τῆς συμπλοκῆς καὶ ἐνεχείρισε αὐτοὺς εἰς τὸν εἰσαγγελέα. Κατὰ τὰς ἀνακρίσεις προέκυψεν ὅτι ὁ νέος ἠρνεῖτο νὰ νυμφευθῇ τὴν νεάνιδα, ἡ δὲ μήτηρ αὐτῆς ἐπενέβη.
